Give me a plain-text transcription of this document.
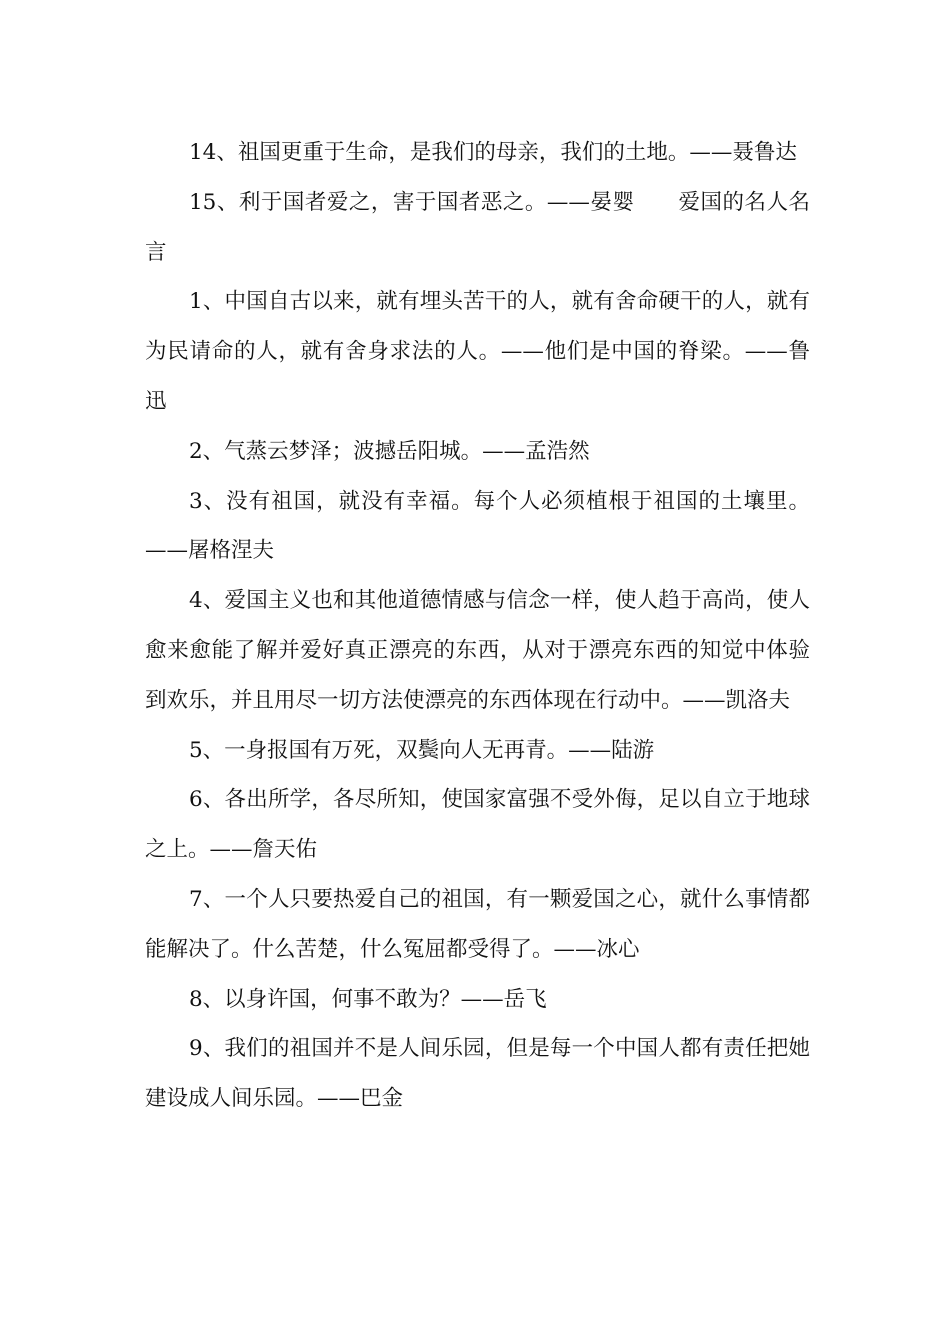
14、祖国更重于生命，是我们的母亲，我们的土地。——聂鲁达

15、利于国者爱之，害于国者恶之。——晏婴　　爱国的名人名言

1、中国自古以来，就有埋头苦干的人，就有舍命硬干的人，就有为民请命的人，就有舍身求法的人。——他们是中国的脊梁。——鲁迅

2、气蒸云梦泽；波撼岳阳城。——孟浩然

3、没有祖国，就没有幸福。每个人必须植根于祖国的土壤里。——屠格涅夫

4、爱国主义也和其他道德情感与信念一样，使人趋于高尚，使人愈来愈能了解并爱好真正漂亮的东西，从对于漂亮东西的知觉中体验到欢乐，并且用尽一切方法使漂亮的东西体现在行动中。——凯洛夫

5、一身报国有万死，双鬓向人无再青。——陆游

6、各出所学，各尽所知，使国家富强不受外侮，足以自立于地球之上。——詹天佑

7、一个人只要热爱自己的祖国，有一颗爱国之心，就什么事情都能解决了。什么苦楚，什么冤屈都受得了。——冰心

8、以身许国，何事不敢为？——岳飞

9、我们的祖国并不是人间乐园，但是每一个中国人都有责任把她建设成人间乐园。——巴金
